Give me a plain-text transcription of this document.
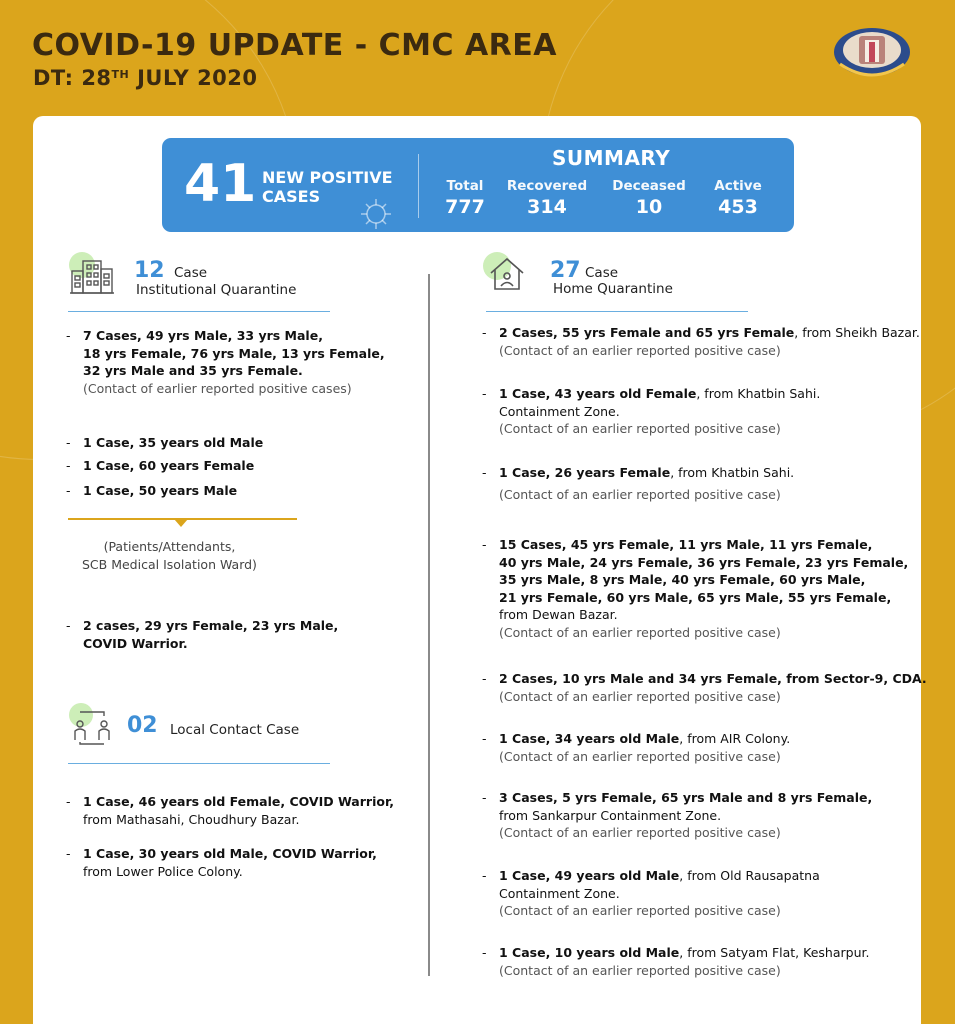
COVID-19 UPDATE - CMC AREA
DT: 28TH JULY 2020
41 NEW POSITIVE
CASES
SUMMARY
Total
777
Recovered
314
Deceased
10
Active
453
12 Case
Institutional Quarantine
- 7 Cases, 49 yrs Male, 33 yrs Male,
18 yrs Female, 76 yrs Male, 13 yrs Female,
32 yrs Male and 35 yrs Female.
(Contact of earlier reported positive cases)
- 1 Case, 35 years old Male
- 1 Case, 60 years Female
- 1 Case, 50 years Male
(Patients/Attendants,
SCB Medical Isolation Ward)
- 2 cases, 29 yrs Female, 23 yrs Male,
COVID Warrior.
02 Local Contact Case
- 1 Case, 46 years old Female, COVID Warrior,
from Mathasahi, Choudhury Bazar.
- 1 Case, 30 years old Male, COVID Warrior,
from Lower Police Colony.
27 Case
Home Quarantine
- 2 Cases, 55 yrs Female and 65 yrs Female, from Sheikh Bazar.
(Contact of an earlier reported positive case)
- 1 Case, 43 years old Female, from Khatbin Sahi.
Containment Zone.
(Contact of an earlier reported positive case)
- 1 Case, 26 years Female, from Khatbin Sahi.

(Contact of an earlier reported positive case)
- 15 Cases, 45 yrs Female, 11 yrs Male, 11 yrs Female,
40 yrs Male, 24 yrs Female, 36 yrs Female, 23 yrs Female,
35 yrs Male, 8 yrs Male, 40 yrs Female, 60 yrs Male,
21 yrs Female, 60 yrs Male, 65 yrs Male, 55 yrs Female,
from Dewan Bazar.
(Contact of an earlier reported positive case)
- 2 Cases, 10 yrs Male and 34 yrs Female, from Sector-9, CDA.
(Contact of an earlier reported positive case)
- 1 Case, 34 years old Male, from AIR Colony.
(Contact of an earlier reported positive case)
- 3 Cases, 5 yrs Female, 65 yrs Male and 8 yrs Female,
from Sankarpur Containment Zone.
(Contact of an earlier reported positive case)
- 1 Case, 49 years old Male, from Old Rausapatna
Containment Zone.
(Contact of an earlier reported positive case)
- 1 Case, 10 years old Male, from Satyam Flat, Kesharpur.
(Contact of an earlier reported positive case)
